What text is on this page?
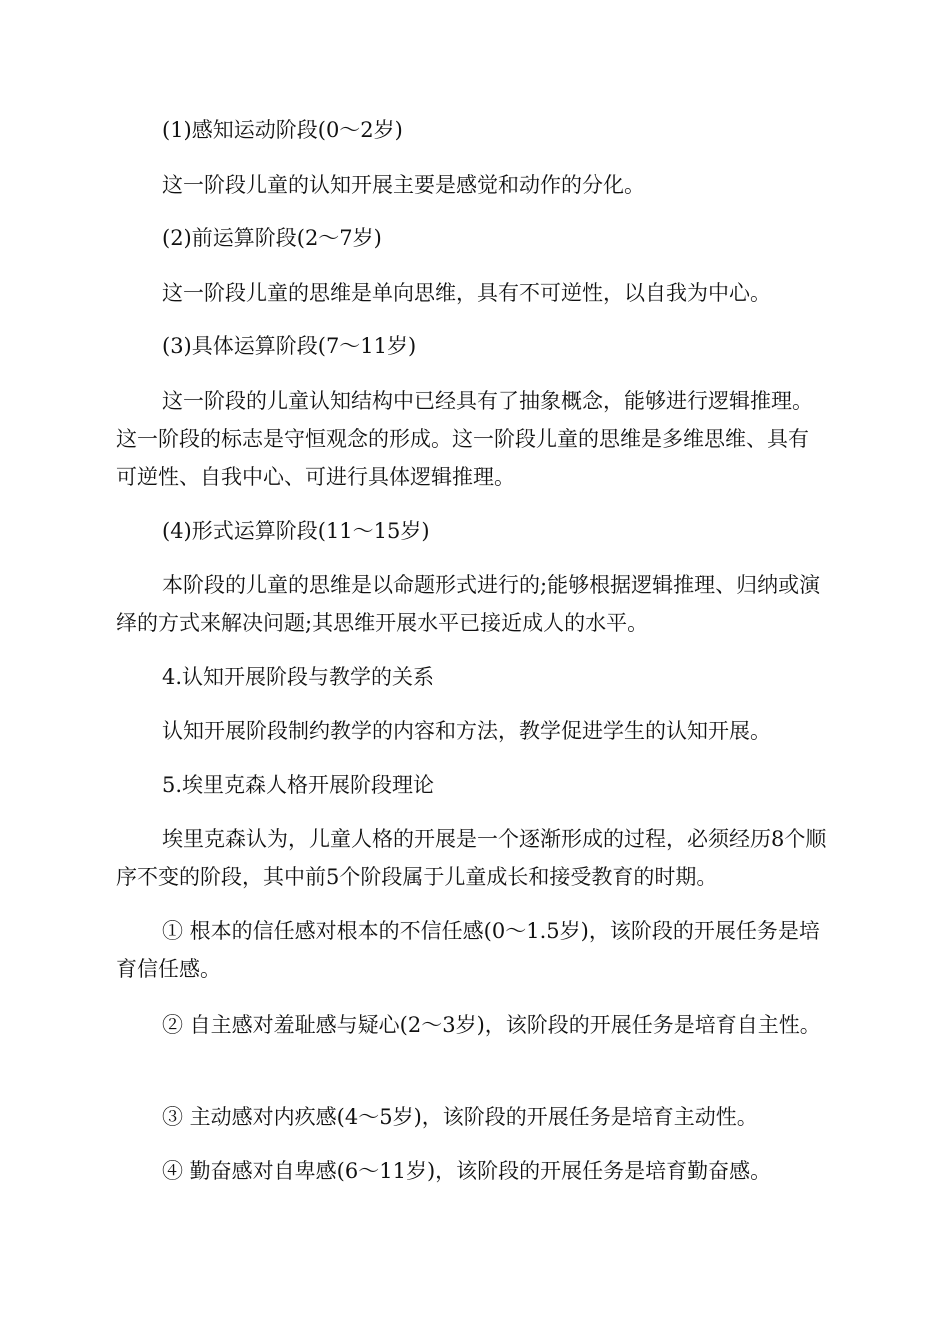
(1)感知运动阶段(0～2岁)

这一阶段儿童的认知开展主要是感觉和动作的分化。

(2)前运算阶段(2～7岁)

这一阶段儿童的思维是单向思维，具有不可逆性，以自我为中心。

(3)具体运算阶段(7～11岁)

这一阶段的儿童认知结构中已经具有了抽象概念，能够进行逻辑推理。这一阶段的标志是守恒观念的形成。这一阶段儿童的思维是多维思维、具有可逆性、自我中心、可进行具体逻辑推理。

(4)形式运算阶段(11～15岁)

本阶段的儿童的思维是以命题形式进行的;能够根据逻辑推理、归纳或演绎的方式来解决问题;其思维开展水平已接近成人的水平。

4.认知开展阶段与教学的关系

认知开展阶段制约教学的内容和方法，教学促进学生的认知开展。

5.埃里克森人格开展阶段理论

埃里克森认为，儿童人格的开展是一个逐渐形成的过程，必须经历8个顺序不变的阶段，其中前5个阶段属于儿童成长和接受教育的时期。

① 根本的信任感对根本的不信任感(0～1.5岁)，该阶段的开展任务是培育信任感。

② 自主感对羞耻感与疑心(2～3岁)，该阶段的开展任务是培育自主性。

③ 主动感对内疚感(4～5岁)，该阶段的开展任务是培育主动性。

④ 勤奋感对自卑感(6～11岁)，该阶段的开展任务是培育勤奋感。
